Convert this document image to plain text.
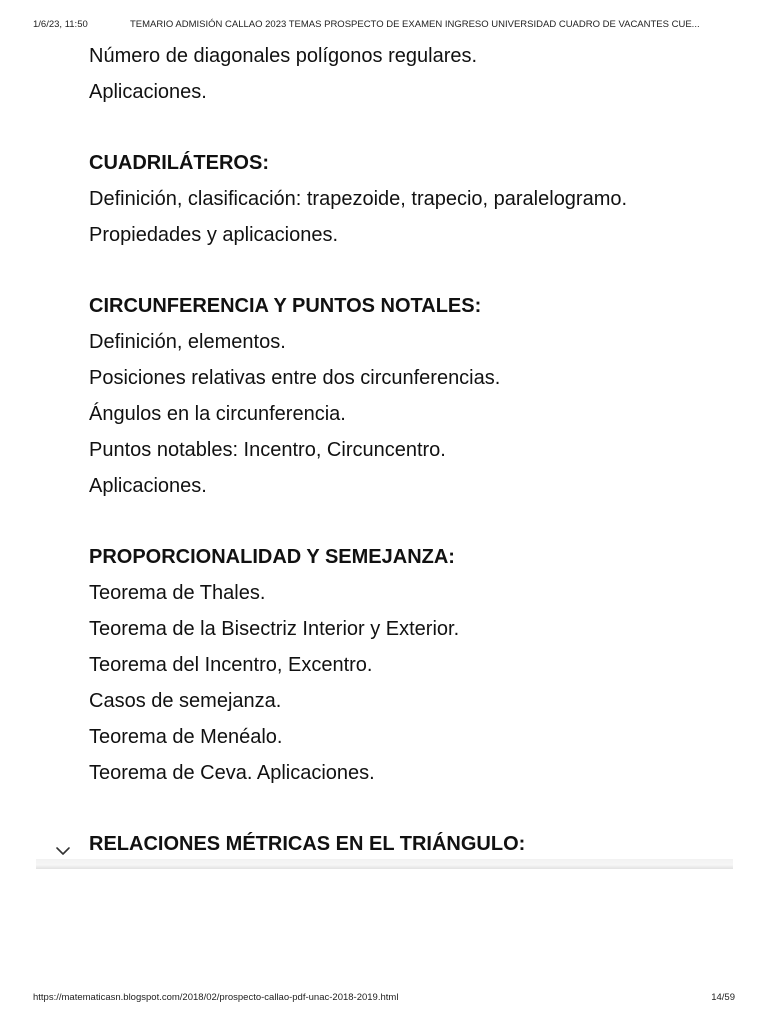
1/6/23, 11:50	TEMARIO ADMISIÓN CALLAO 2023 TEMAS PROSPECTO DE EXAMEN INGRESO UNIVERSIDAD CUADRO DE VACANTES CUE...
Número de diagonales polígonos regulares.
Aplicaciones.
CUADRILÁTEROS:
Definición, clasificación: trapezoide, trapecio, paralelogramo.
Propiedades y aplicaciones.
CIRCUNFERENCIA Y PUNTOS NOTALES:
Definición, elementos.
Posiciones relativas entre dos circunferencias.
Ángulos en la circunferencia.
Puntos notables: Incentro, Circuncentro.
Aplicaciones.
PROPORCIONALIDAD Y SEMEJANZA:
Teorema de Thales.
Teorema de la Bisectriz Interior y Exterior.
Teorema del Incentro, Excentro.
Casos de semejanza.
Teorema de Menéalo.
Teorema de Ceva. Aplicaciones.
RELACIONES MÉTRICAS EN EL TRIÁNGULO:
https://matematicasn.blogspot.com/2018/02/prospecto-callao-pdf-unac-2018-2019.html	14/59
